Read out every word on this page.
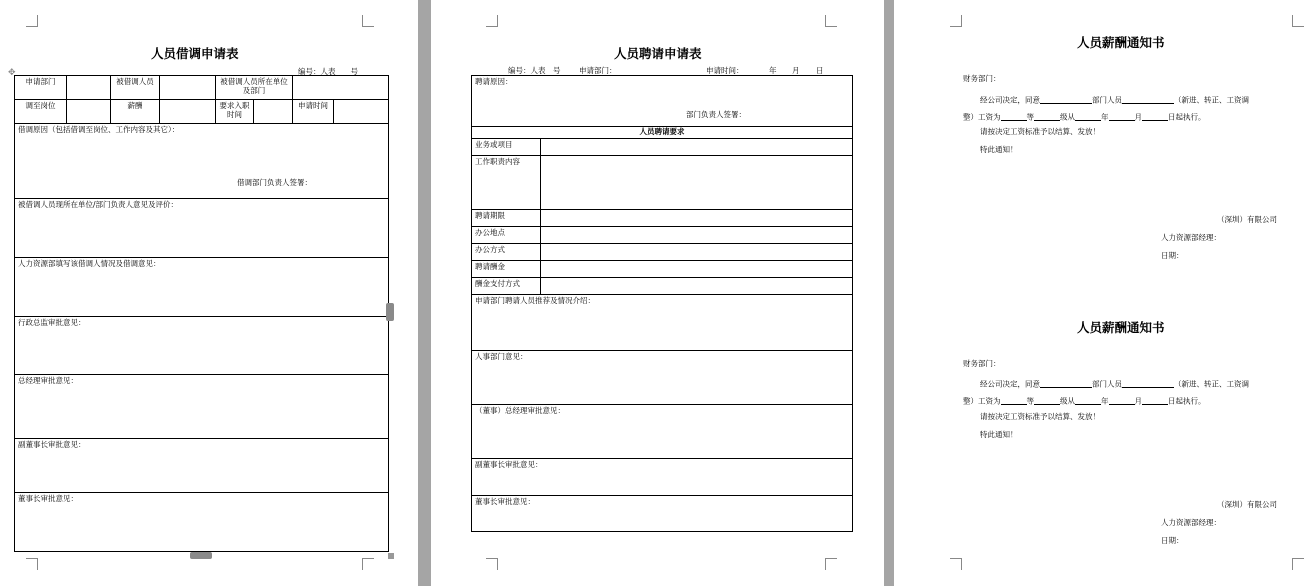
人员借调申请表
编号：人表　　号
✥
申请部门		被借调人员		被借调人员所在单位及部门			
调至岗位		薪酬		要求入职时间		申请时间	
借调原因（包括借调至岗位、工作内容及其它）：
借调部门负责人签署：							

被借调人员现所在单位/部门负责人意见及评价：							
人力资源部填写该借调人情况及借调意见：							
行政总监审批意见：							
总经理审批意见：							
副董事长审批意见：							
董事长审批意见：							
人员聘请申请表
编号：人表　号 申请部门：	申请时间：	年 月 日
聘请原因：
部门负责人签署：	

人员聘请要求	
业务或项目	
工作职责内容	
聘请期限	
办公地点	
办公方式	
聘请酬金	
酬金支付方式	
申请部门聘请人员推荐及情况介绍：	
人事部门意见：	
（董事）总经理审批意见：	
副董事长审批意见：	
董事长审批意见：	
人员薪酬通知书
财务部门：
经公司决定，同意	部门人员	（新进、转正、工资调
整）工资为	等	级从	年	月	日起执行。
请按决定工资标准予以结算、发放！
特此通知！
（深圳）有限公司
人力资源部经理：
日期：
人员薪酬通知书
财务部门：
经公司决定，同意	部门人员	（新进、转正、工资调
整）工资为	等	级从	年	月	日起执行。
请按决定工资标准予以结算、发放！
特此通知！
（深圳）有限公司
人力资源部经理：
日期：
